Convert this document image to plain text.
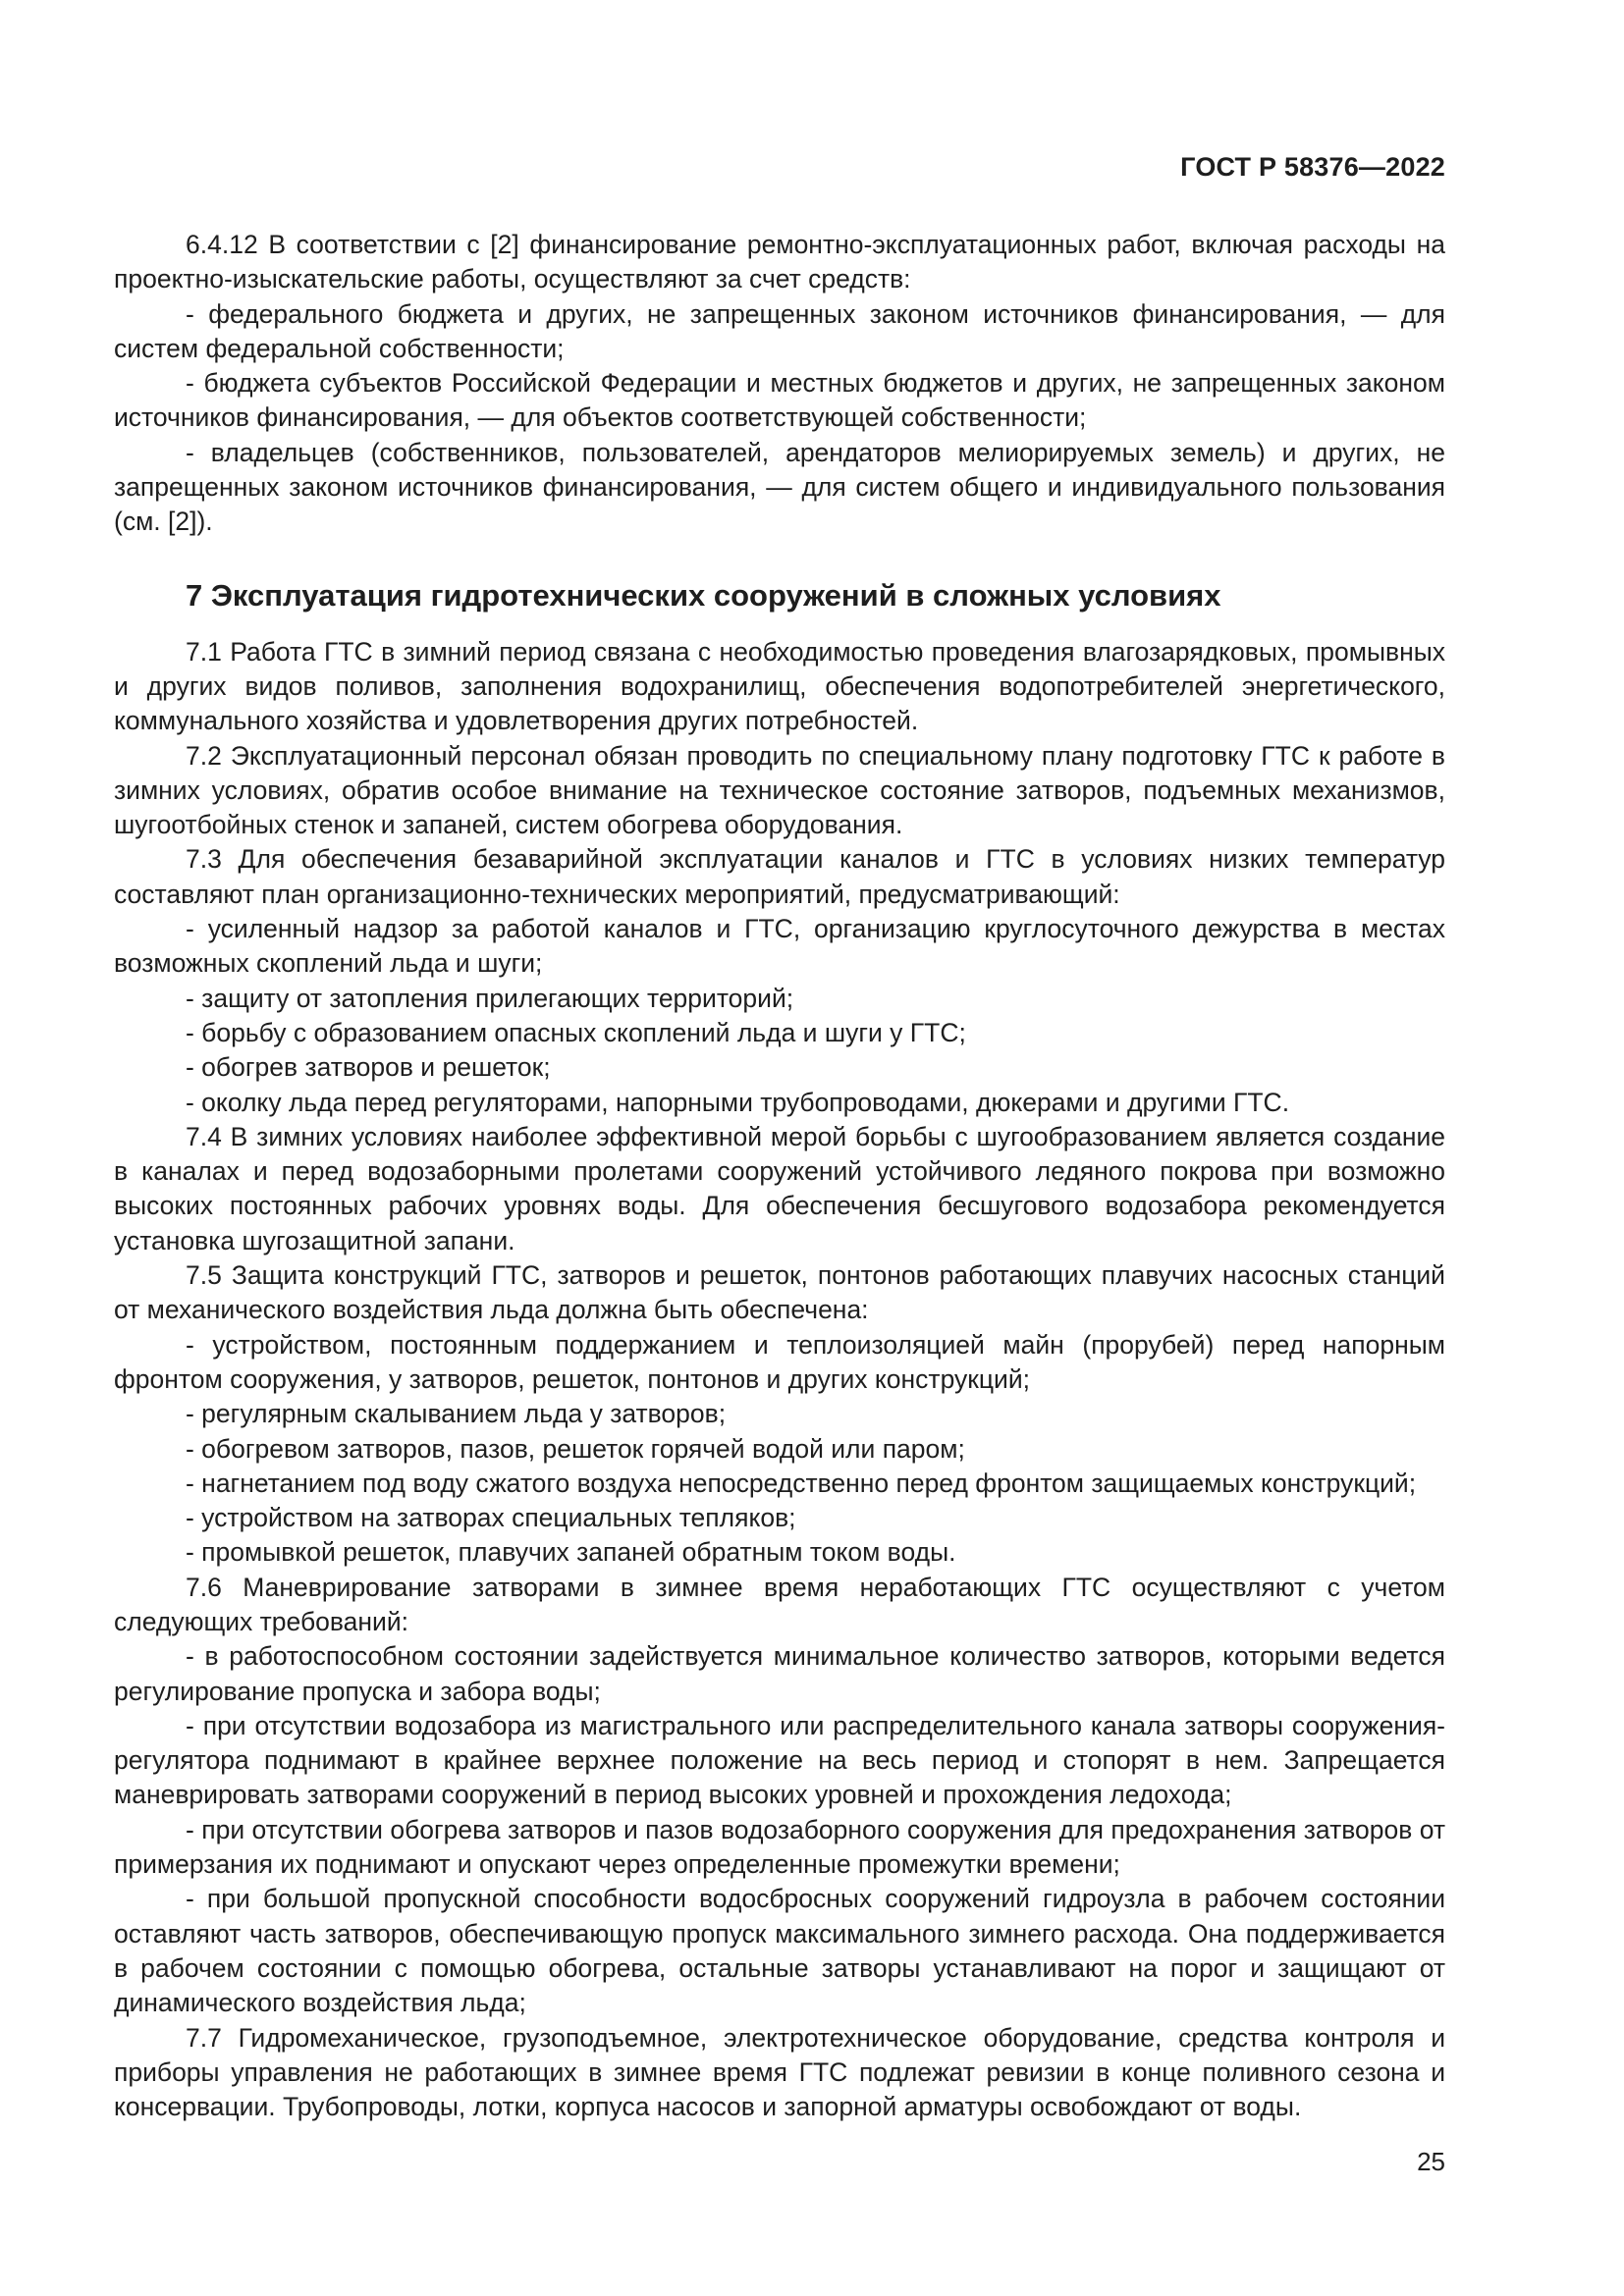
ГОСТ Р 58376—2022

6.4.12 В соответствии с [2] финансирование ремонтно-эксплуатационных работ, включая расходы на проектно-изыскательские работы, осуществляют за счет средств:

- федерального бюджета и других, не запрещенных законом источников финансирования, — для систем федеральной собственности;

- бюджета субъектов Российской Федерации и местных бюджетов и других, не запрещенных законом источников финансирования, — для объектов соответствующей собственности;

- владельцев (собственников, пользователей, арендаторов мелиорируемых земель) и других, не запрещенных законом источников финансирования, — для систем общего и индивидуального пользования (см. [2]).

7 Эксплуатация гидротехнических сооружений в сложных условиях

7.1 Работа ГТС в зимний период связана с необходимостью проведения влагозарядковых, промывных и других видов поливов, заполнения водохранилищ, обеспечения водопотребителей энергетического, коммунального хозяйства и удовлетворения других потребностей.

7.2 Эксплуатационный персонал обязан проводить по специальному плану подготовку ГТС к работе в зимних условиях, обратив особое внимание на техническое состояние затворов, подъемных механизмов, шугоотбойных стенок и запаней, систем обогрева оборудования.

7.3 Для обеспечения безаварийной эксплуатации каналов и ГТС в условиях низких температур составляют план организационно-технических мероприятий, предусматривающий:

- усиленный надзор за работой каналов и ГТС, организацию круглосуточного дежурства в местах возможных скоплений льда и шуги;

- защиту от затопления прилегающих территорий;

- борьбу с образованием опасных скоплений льда и шуги у ГТС;

- обогрев затворов и решеток;

- околку льда перед регуляторами, напорными трубопроводами, дюкерами и другими ГТС.

7.4 В зимних условиях наиболее эффективной мерой борьбы с шугообразованием является создание в каналах и перед водозаборными пролетами сооружений устойчивого ледяного покрова при возможно высоких постоянных рабочих уровнях воды. Для обеспечения бесшугового водозабора рекомендуется установка шугозащитной запани.

7.5 Защита конструкций ГТС, затворов и решеток, понтонов работающих плавучих насосных станций от механического воздействия льда должна быть обеспечена:

- устройством, постоянным поддержанием и теплоизоляцией майн (прорубей) перед напорным фронтом сооружения, у затворов, решеток, понтонов и других конструкций;

- регулярным скалыванием льда у затворов;

- обогревом затворов, пазов, решеток горячей водой или паром;

- нагнетанием под воду сжатого воздуха непосредственно перед фронтом защищаемых конструкций;

- устройством на затворах специальных тепляков;

- промывкой решеток, плавучих запаней обратным током воды.

7.6 Маневрирование затворами в зимнее время неработающих ГТС осуществляют с учетом следующих требований:

- в работоспособном состоянии задействуется минимальное количество затворов, которыми ведется регулирование пропуска и забора воды;

- при отсутствии водозабора из магистрального или распределительного канала затворы сооружения-регулятора поднимают в крайнее верхнее положение на весь период и стопорят в нем. Запрещается маневрировать затворами сооружений в период высоких уровней и прохождения ледохода;

- при отсутствии обогрева затворов и пазов водозаборного сооружения для предохранения затворов от примерзания их поднимают и опускают через определенные промежутки времени;

- при большой пропускной способности водосбросных сооружений гидроузла в рабочем состоянии оставляют часть затворов, обеспечивающую пропуск максимального зимнего расхода. Она поддерживается в рабочем состоянии с помощью обогрева, остальные затворы устанавливают на порог и защищают от динамического воздействия льда;

7.7 Гидромеханическое, грузоподъемное, электротехническое оборудование, средства контроля и приборы управления не работающих в зимнее время ГТС подлежат ревизии в конце поливного сезона и консервации. Трубопроводы, лотки, корпуса насосов и запорной арматуры освобождают от воды.

25
